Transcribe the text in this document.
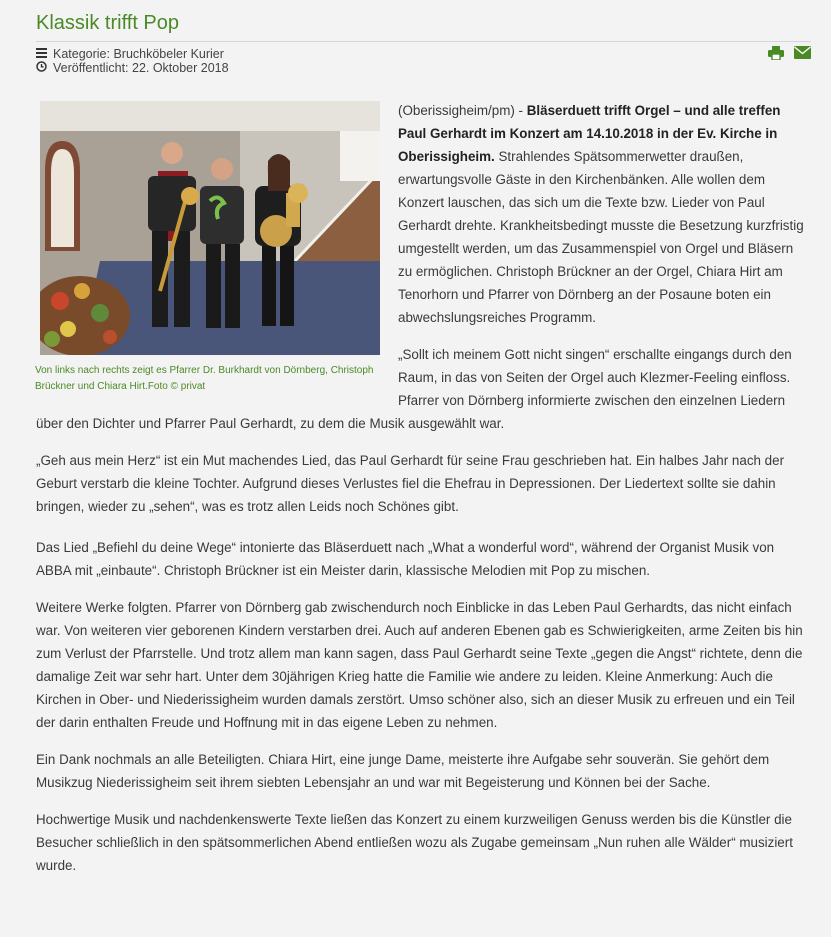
Klassik trifft Pop
Kategorie: Bruchköbeler Kurier
Veröffentlicht: 22. Oktober 2018
Von links nach rechts zeigt es Pfarrer Dr. Burkhardt von Dörnberg, Christoph Brückner und Chiara Hirt.Foto © privat

(Oberissigheim/pm) - Bläserduett trifft Orgel – und alle treffen Paul Gerhardt im Konzert am 14.10.2018 in der Ev. Kirche in Oberissigheim. Strahlendes Spätsommerwetter draußen, erwartungsvolle Gäste in den Kirchenbänken. Alle wollen dem Konzert lauschen, das sich um die Texte bzw. Lieder von Paul Gerhardt drehte. Krankheitsbedingt musste die Besetzung kurzfristig umgestellt werden, um das Zusammenspiel von Orgel und Bläsern zu ermöglichen. Christoph Brückner an der Orgel, Chiara Hirt am Tenorhorn und Pfarrer von Dörnberg an der Posaune boten ein abwechslungsreiches Programm.

„Sollt ich meinem Gott nicht singen“ erschallte eingangs durch den Raum, in das von Seiten der Orgel auch Klezmer-Feeling einfloss. Pfarrer von Dörnberg informierte zwischen den einzelnen Liedern über den Dichter und Pfarrer Paul Gerhardt, zu dem die Musik ausgewählt war.

„Geh aus mein Herz“ ist ein Mut machendes Lied, das Paul Gerhardt für seine Frau geschrieben hat. Ein halbes Jahr nach der Geburt verstarb die kleine Tochter. Aufgrund dieses Verlustes fiel die Ehefrau in Depressionen. Der Liedertext sollte sie dahin bringen, wieder zu „sehen“, was es trotz allen Leids noch Schönes gibt.

Das Lied „Befiehl du deine Wege“ intonierte das Bläserduett nach „What a wonderful word“, während der Organist Musik von ABBA mit „einbaute“. Christoph Brückner ist ein Meister darin, klassische Melodien mit Pop zu mischen.

Weitere Werke folgten. Pfarrer von Dörnberg gab zwischendurch noch Einblicke in das Leben Paul Gerhardts, das nicht einfach war. Von weiteren vier geborenen Kindern verstarben drei. Auch auf anderen Ebenen gab es Schwierigkeiten, arme Zeiten bis hin zum Verlust der Pfarrstelle. Und trotz allem man kann sagen, dass Paul Gerhardt seine Texte „gegen die Angst“ richtete, denn die damalige Zeit war sehr hart. Unter dem 30jährigen Krieg hatte die Familie wie andere zu leiden. Kleine Anmerkung: Auch die Kirchen in Ober- und Niederissigheim wurden damals zerstört. Umso schöner also, sich an dieser Musik zu erfreuen und ein Teil der darin enthalten Freude und Hoffnung mit in das eigene Leben zu nehmen.

Ein Dank nochmals an alle Beteiligten. Chiara Hirt, eine junge Dame, meisterte ihre Aufgabe sehr souverän. Sie gehört dem Musikzug Niederissigheim seit ihrem siebten Lebensjahr an und war mit Begeisterung und Können bei der Sache.

Hochwertige Musik und nachdenkenswerte Texte ließen das Konzert zu einem kurzweiligen Genuss werden bis die Künstler die Besucher schließlich in den spätsommerlichen Abend entließen wozu als Zugabe gemeinsam „Nun ruhen alle Wälder“ musiziert wurde.
